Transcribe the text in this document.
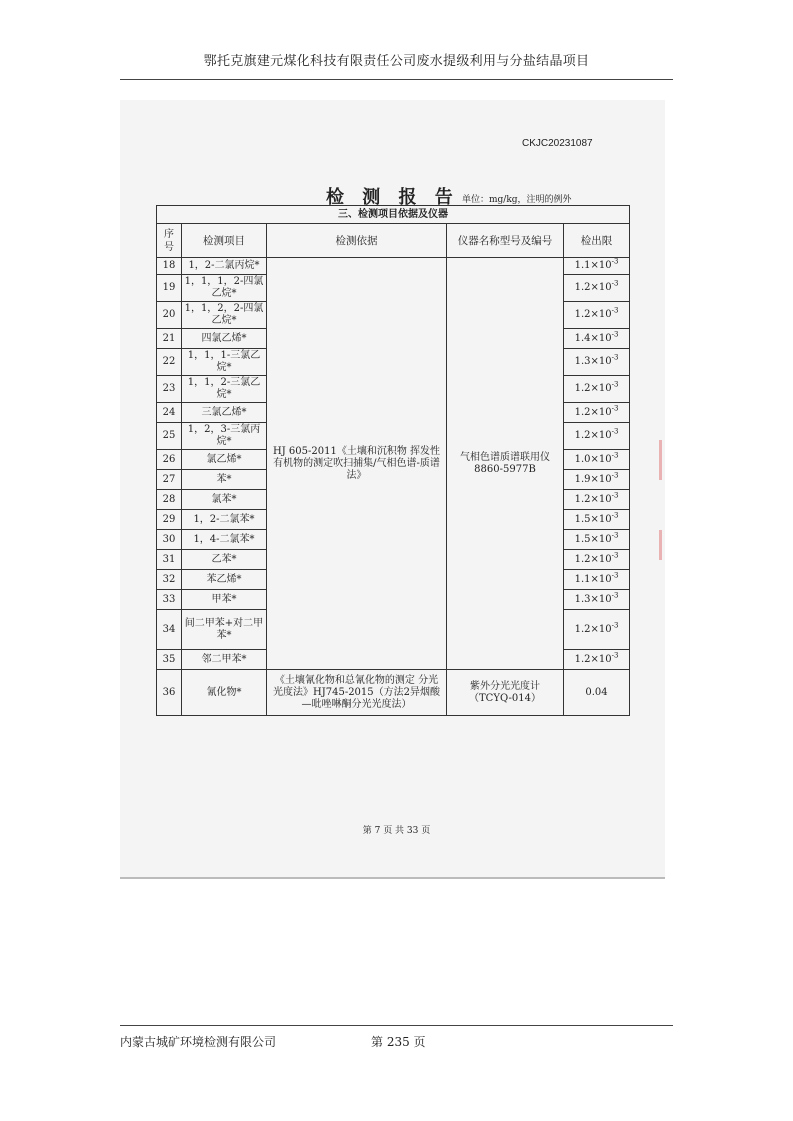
鄂托克旗建元煤化科技有限责任公司废水提级利用与分盐结晶项目
CKJC20231087
检 测 报 告 单位：mg/kg，注明的例外
三、检测项目依据及仪器				
序号	检测项目	检测依据	仪器名称型号及编号	检出限
18	1，2-二氯丙烷*	HJ 605-2011《土壤和沉积物 挥发性有机物的测定吹扫捕集/气相色谱-质谱法》	气相色谱质谱联用仪 8860-5977B	$1.1\times 10^{-3}$
19	1，1，1，2-四氯乙烷*			$1.2\times 10^{-3}$
20	1，1，2，2-四氯乙烷*			$1.2\times 10^{-3}$
21	四氯乙烯*			$1.4\times 10^{-3}$
22	1，1，1-三氯乙烷*			$1.3\times 10^{-3}$
23	1，1，2-三氯乙烷*			$1.2\times 10^{-3}$
24	三氯乙烯*			$1.2\times 10^{-3}$
25	1，2，3-三氯丙烷*			$1.2\times 10^{-3}$
26	氯乙烯*			$1.0\times 10^{-3}$
27	苯*			$1.9\times 10^{-3}$
28	氯苯*			$1.2\times 10^{-3}$
29	1，2-二氯苯*			$1.5\times 10^{-3}$
30	1，4-二氯苯*			$1.5\times 10^{-3}$
31	乙苯*			$1.2\times 10^{-3}$
32	苯乙烯*			$1.1\times 10^{-3}$
33	甲苯*			$1.3\times 10^{-3}$
34	间二甲苯+对二甲苯*			$1.2\times 10^{-3}$
35	邻二甲苯*			$1.2\times 10^{-3}$
36	氰化物*	《土壤氰化物和总氰化物的测定 分光光度法》HJ745-2015（方法2异烟酸—吡唑啉酮分光光度法）	紫外分光光度计（TCYQ-014）	0.04
第 7 页 共 33 页
内蒙古城矿环境检测有限公司	第 235 页
